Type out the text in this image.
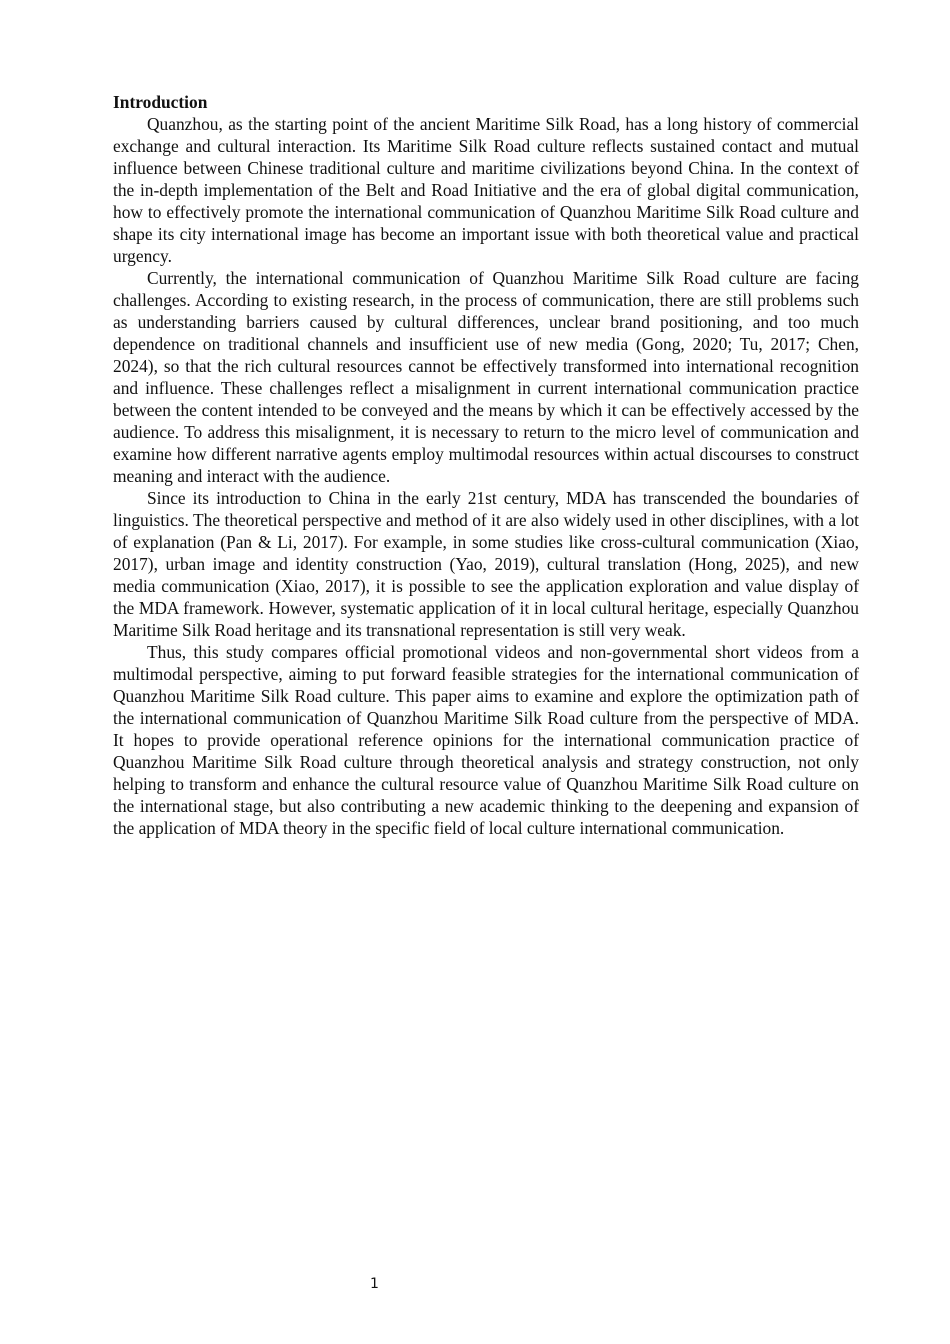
Introduction

Quanzhou, as the starting point of the ancient Maritime Silk Road, has a long history of commercial exchange and cultural interaction. Its Maritime Silk Road culture reflects sustained contact and mutual influence between Chinese traditional culture and maritime civilizations beyond China. In the context of the in-depth implementation of the Belt and Road Initiative and the era of global digital communication, how to effectively promote the international communication of Quanzhou Maritime Silk Road culture and shape its city international image has become an important issue with both theoretical value and practical urgency.

Currently, the international communication of Quanzhou Maritime Silk Road culture are facing challenges. According to existing research, in the process of communication, there are still problems such as understanding barriers caused by cultural differences, unclear brand positioning, and too much dependence on traditional channels and insufficient use of new media (Gong, 2020; Tu, 2017; Chen, 2024), so that the rich cultural resources cannot be effectively transformed into international recognition and influence. These challenges reflect a misalignment in current international communication practice between the content intended to be conveyed and the means by which it can be effectively accessed by the audience. To address this misalignment, it is necessary to return to the micro level of communication and examine how different narrative agents employ multimodal resources within actual discourses to construct meaning and interact with the audience.

Since its introduction to China in the early 21st century, MDA has transcended the boundaries of linguistics. The theoretical perspective and method of it are also widely used in other disciplines, with a lot of explanation (Pan & Li, 2017). For example, in some studies like cross-cultural communication (Xiao, 2017), urban image and identity construction (Yao, 2019), cultural translation (Hong, 2025), and new media communication (Xiao, 2017), it is possible to see the application exploration and value display of the MDA framework. However, systematic application of it in local cultural heritage, especially Quanzhou Maritime Silk Road heritage and its transnational representation is still very weak.

Thus, this study compares official promotional videos and non-governmental short videos from a multimodal perspective, aiming to put forward feasible strategies for the international communication of Quanzhou Maritime Silk Road culture. This paper aims to examine and explore the optimization path of the international communication of Quanzhou Maritime Silk Road culture from the perspective of MDA. It hopes to provide operational reference opinions for the international communication practice of Quanzhou Maritime Silk Road culture through theoretical analysis and strategy construction, not only helping to transform and enhance the cultural resource value of Quanzhou Maritime Silk Road culture on the international stage, but also contributing a new academic thinking to the deepening and expansion of the application of MDA theory in the specific field of local culture international communication.

1
